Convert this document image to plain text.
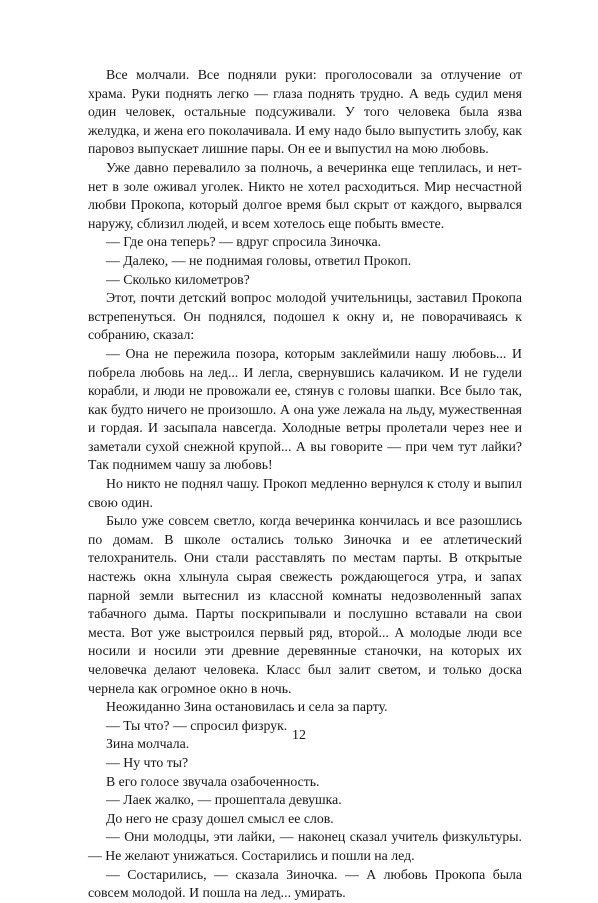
Все молчали. Все подняли руки: проголосовали за отлучение от храма. Руки поднять легко — глаза поднять трудно. А ведь судил меня один человек, остальные подсуживали. У того человека была язва желудка, и жена его поколачивала. И ему надо было выпустить злобу, как паровоз выпускает лишние пары. Он ее и выпустил на мою любовь.

Уже давно перевалило за полночь, а вечеринка еще теплилась, и нет-нет в золе оживал уголек. Никто не хотел расходиться. Мир несчастной любви Прокопа, который долгое время был скрыт от каждого, вырвался наружу, сблизил людей, и всем хотелось еще побыть вместе.

— Где она теперь? — вдруг спросила Зиночка.

— Далеко, — не поднимая головы, ответил Прокоп.

— Сколько километров?

Этот, почти детский вопрос молодой учительницы, заставил Прокопа встрепенуться. Он поднялся, подошел к окну и, не поворачиваясь к собранию, сказал:

— Она не пережила позора, которым заклеймили нашу любовь... И побрела любовь на лед... И легла, свернувшись калачиком. И не гудели корабли, и люди не провожали ее, стянув с головы шапки. Все было так, как будто ничего не произошло. А она уже лежала на льду, мужественная и гордая. И засыпала навсегда. Холодные ветры пролетали через нее и заметали сухой снежной крупой... А вы говорите — при чем тут лайки? Так поднимем чашу за любовь!

Но никто не поднял чашу. Прокоп медленно вернулся к столу и выпил свою один.

Было уже совсем светло, когда вечеринка кончилась и все разошлись по домам. В школе остались только Зиночка и ее атлетический телохранитель. Они стали расставлять по местам парты. В открытые настежь окна хлынула сырая свежесть рождающегося утра, и запах парной земли вытеснил из классной комнаты недозволенный запах табачного дыма. Парты поскрипывали и послушно вставали на свои места. Вот уже выстроился первый ряд, второй... А молодые люди все носили и носили эти древние деревянные станочки, на которых их человечка делают человека. Класс был залит светом, и только доска чернела как огромное окно в ночь.

Неожиданно Зина остановилась и села за парту.

— Ты что? — спросил физрук.

Зина молчала.

— Ну что ты?

В его голосе звучала озабоченность.

— Лаек жалко, — прошептала девушка.

До него не сразу дошел смысл ее слов.

— Они молодцы, эти лайки, — наконец сказал учитель физкультуры. — Не желают унижаться. Состарились и пошли на лед.

— Состарились, — сказала Зиночка. — А любовь Прокопа была совсем молодой. И пошла на лед... умирать.

12
